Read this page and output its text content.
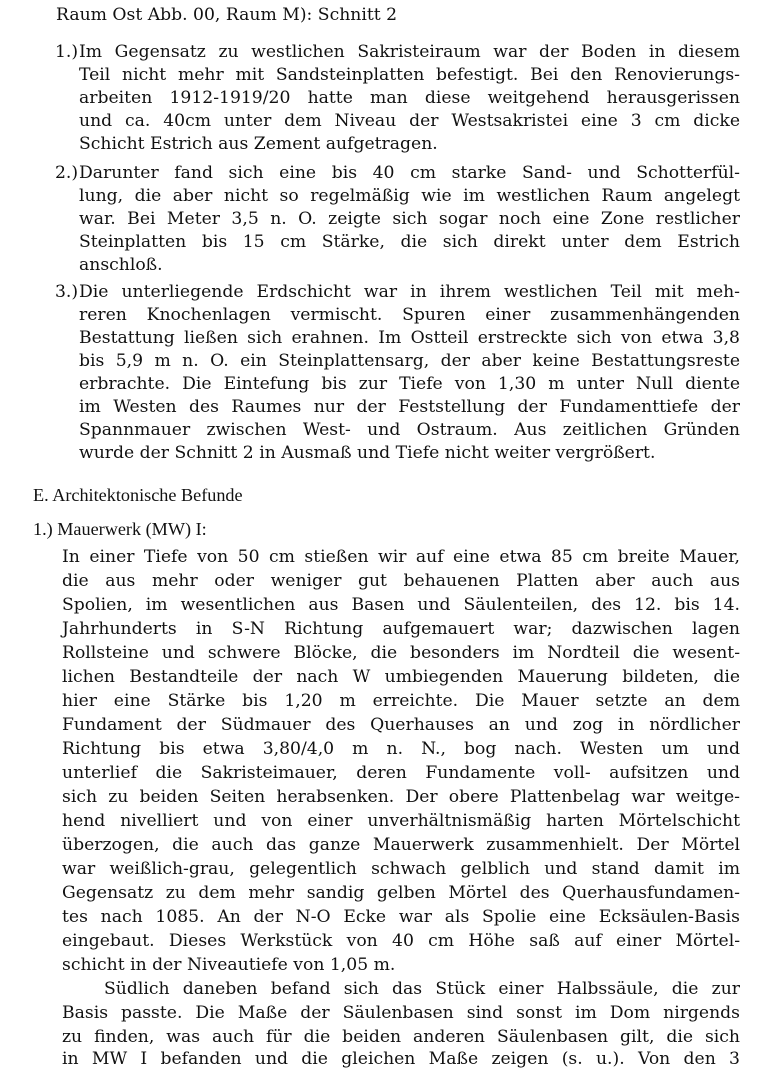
Raum Ost Abb. 00, Raum M): Schnitt 2
1.) Im Gegensatz zu westlichen Sakristeiraum war der Boden in diesem
Teil nicht mehr mit Sandsteinplatten befestigt. Bei den Renovierungs-
arbeiten 1912-1919/20 hatte man diese weitgehend herausgerissen
und ca. 40cm unter dem Niveau der Westsakristei eine 3 cm dicke
Schicht Estrich aus Zement aufgetragen.
2.) Darunter fand sich eine bis 40 cm starke Sand- und Schotterfül-
lung, die aber nicht so regelmäßig wie im westlichen Raum angelegt
war. Bei Meter 3,5 n. O. zeigte sich sogar noch eine Zone restlicher
Steinplatten bis 15 cm Stärke, die sich direkt unter dem Estrich
anschloß.
3.) Die unterliegende Erdschicht war in ihrem westlichen Teil mit meh-
reren Knochenlagen vermischt. Spuren einer zusammenhängenden
Bestattung ließen sich erahnen. Im Ostteil erstreckte sich von etwa 3,8
bis 5,9 m n. O. ein Steinplattensarg, der aber keine Bestattungsreste
erbrachte. Die Eintefung bis zur Tiefe von 1,30 m unter Null diente
im Westen des Raumes nur der Feststellung der Fundamenttiefe der
Spannmauer zwischen West- und Ostraum. Aus zeitlichen Gründen
wurde der Schnitt 2 in Ausmaß und Tiefe nicht weiter vergrößert.
E. Architektonische Befunde
1.) Mauerwerk (MW) I:
In einer Tiefe von 50 cm stießen wir auf eine etwa 85 cm breite Mauer,
die aus mehr oder weniger gut behauenen Platten aber auch aus
Spolien, im wesentlichen aus Basen und Säulenteilen, des 12. bis 14.
Jahrhunderts in S-N Richtung aufgemauert war; dazwischen lagen
Rollsteine und schwere Blöcke, die besonders im Nordteil die wesent-
lichen Bestandteile der nach W umbiegenden Mauerung bildeten, die
hier eine Stärke bis 1,20 m erreichte. Die Mauer setzte an dem
Fundament der Südmauer des Querhauses an und zog in nördlicher
Richtung bis etwa 3,80/4,0 m n. N., bog nach. Westen um und
unterlief die Sakristeimauer, deren Fundamente voll- aufsitzen und
sich zu beiden Seiten herabsenken. Der obere Plattenbelag war weitge-
hend nivelliert und von einer unverhältnismäßig harten Mörtelschicht
überzogen, die auch das ganze Mauerwerk zusammenhielt. Der Mörtel
war weißlich-grau, gelegentlich schwach gelblich und stand damit im
Gegensatz zu dem mehr sandig gelben Mörtel des Querhausfundamen-
tes nach 1085. An der N-O Ecke war als Spolie eine Ecksäulen-Basis
eingebaut. Dieses Werkstück von 40 cm Höhe saß auf einer Mörtel-
schicht in der Niveautiefe von 1,05 m.
Südlich daneben befand sich das Stück einer Halbssäule, die zur
Basis passte. Die Maße der Säulenbasen sind sonst im Dom nirgends
zu finden, was auch für die beiden anderen Säulenbasen gilt, die sich
in MW I befanden und die gleichen Maße zeigen (s. u.). Von den 3
